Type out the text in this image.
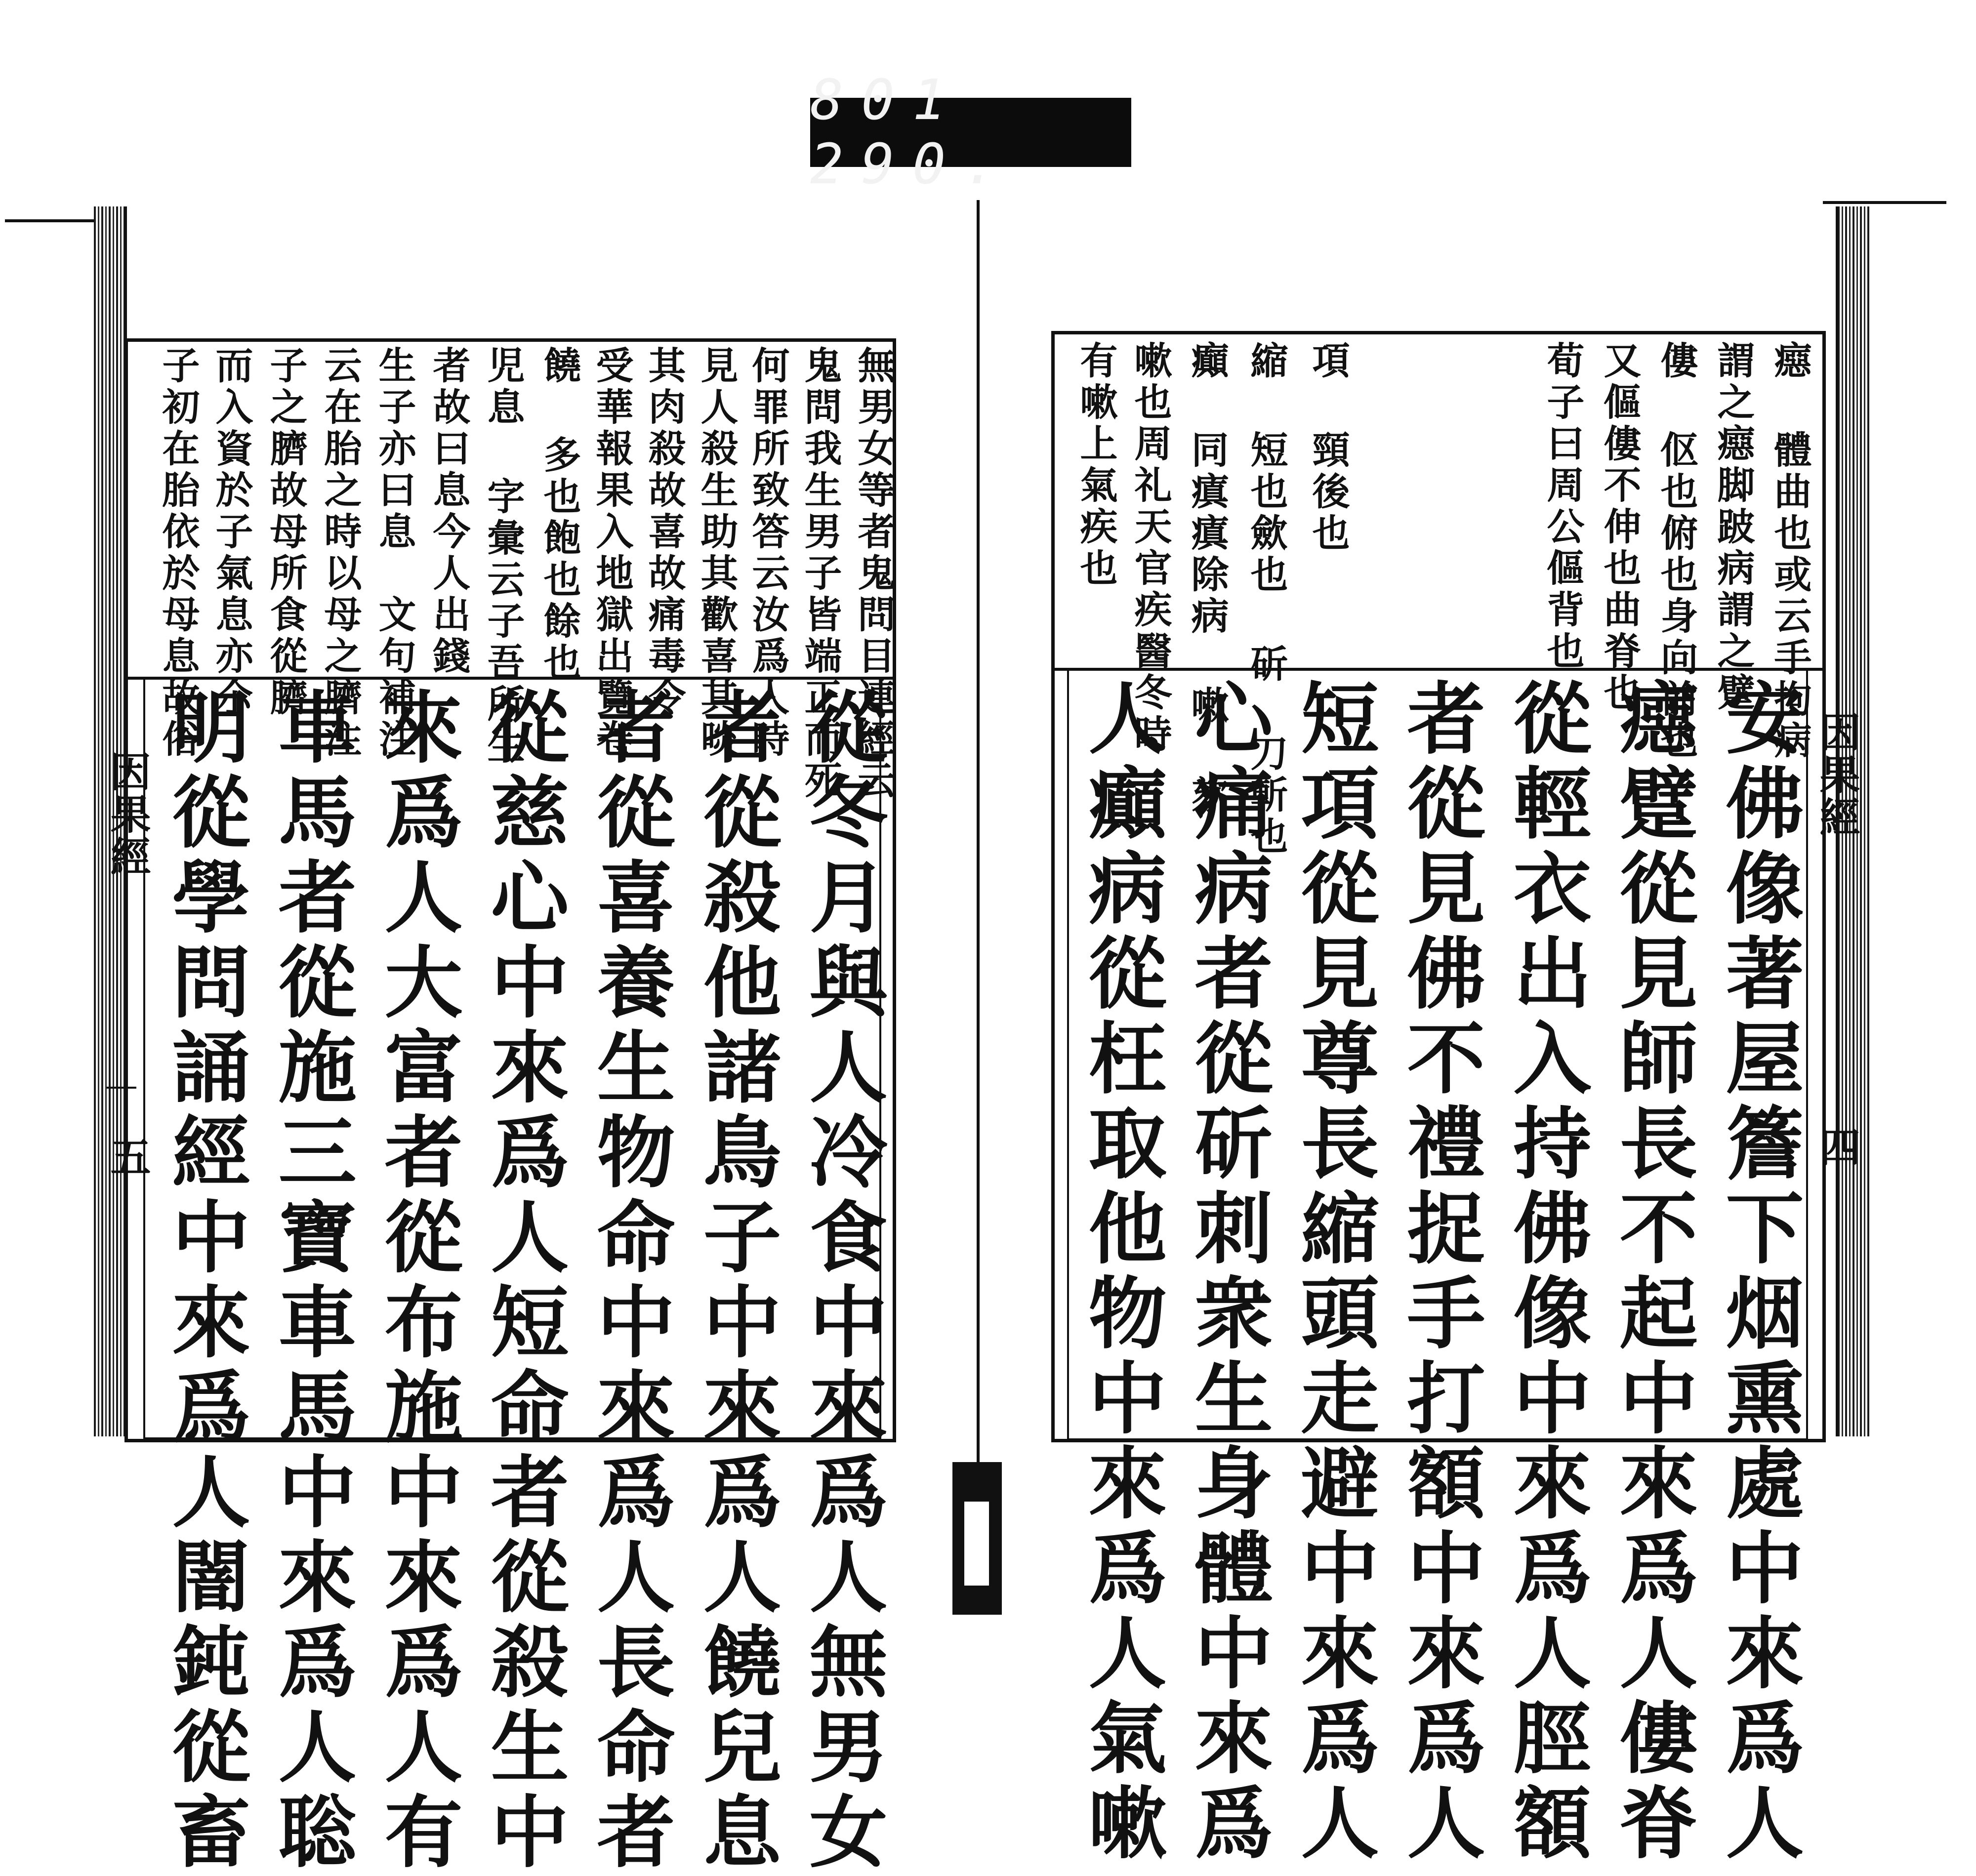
801 290.
因果經
五
無男女等者鬼問目連經云
鬼問我生男子皆端正而死
何罪所致答云汝爲人時
見人殺生助其歡喜其啖
其肉殺故喜故痛毒令
受華報果入地獄出覽卷
饒 多也飽也餘也
児息 字彙云子吾所生
者故曰息今人出錢
生子亦曰息　文句補注
云在胎之時以母之臍注
子之臍故母所食從臍
而入資於子氣息亦尒
子初在胎依於母息故俗
從冬月與人冷食中來爲人無男女
者從殺他諸鳥子中來爲人饒兒息
者從喜養生物命中來爲人長命者
從慈心中來爲人短命者從殺生中
來爲人大富者從布施中來爲人有
車馬者從施三寶車馬中來爲人聡
明從學問誦經中來爲人闇鈍從畜	因果經
四
癋 體曲也或云手拘病
謂之癋脚跛病謂之躄
僂 伛也俯也身向前也
又傴僂不伸也曲脊也
荀子曰周公傴背也
項 頸後也
縮 短也歛也 斫 刀斬也
癲 同瘨瘨除病 嗽 欬
嗽也周礼天官疾醫冬時
有嗽上氣疾也
安佛像著屋簷下烟熏處中來爲人
癋躄從見師長不起中來爲人僂脊
從輕衣出入持佛像中來爲人脛額
者從見佛不禮捉手打額中來爲人
短項從見尊長縮頭走避中來爲人
心痛病者從斫刺衆生身體中來爲
人癲病從枉取他物中來爲人氣嗽
